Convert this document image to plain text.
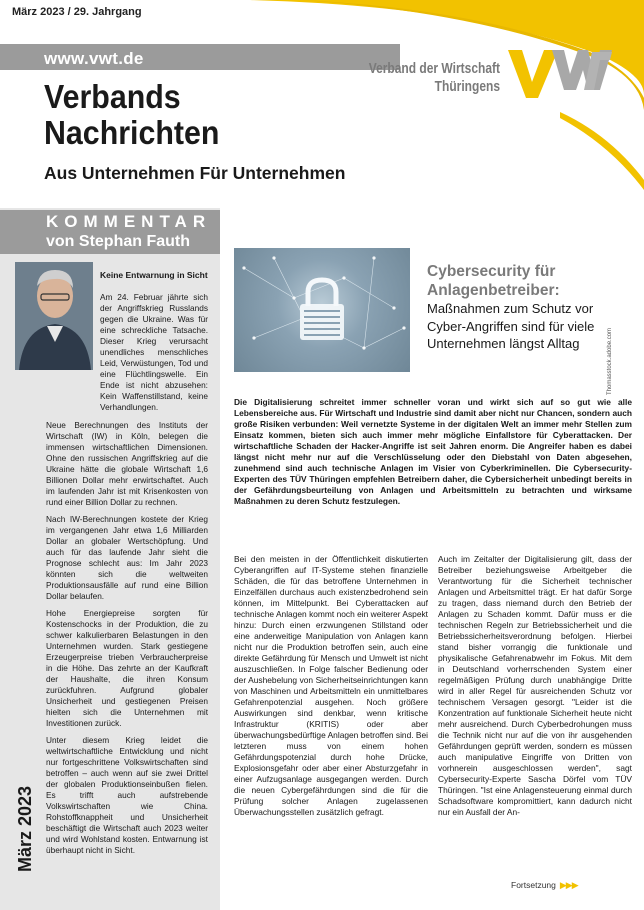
März 2023 / 29. Jahrgang
www.vwt.de
Verband der Wirtschaft
Thüringens
Verbands
Nachrichten
Aus Unternehmen Für Unternehmen
KOMMENTAR
von Stephan Fauth
Keine Entwarnung in Sicht

Am 24. Februar jährte sich der Angriffskrieg Russlands gegen die Ukraine. Was für eine schreckliche Tatsache. Dieser Krieg verursacht unendliches menschliches Leid, Verwüstungen, Tod und eine Flüchtlingswelle. Ein Ende ist nicht abzusehen: Kein Waffenstillstand, keine Verhandlungen.

Neue Berechnungen des Instituts der Wirtschaft (IW) in Köln, belegen die immensen wirtschaftlichen Dimensionen. Ohne den russischen Angriffskrieg auf die Ukraine hätte die globale Wirtschaft 1,6 Billionen Dollar mehr erwirtschaftet. Auch im laufenden Jahr ist mit Krisenkosten von rund einer Billion Dollar zu rechnen.

Nach IW-Berechnungen kostete der Krieg im vergangenen Jahr etwa 1,6 Milliarden Dollar an globaler Wertschöpfung. Und auch für das laufende Jahr sieht die Prognose schlecht aus: Im Jahr 2023 könnten sich die weltweiten Produktionsausfälle auf rund eine Billion Dollar belaufen.

Hohe Energiepreise sorgten für Kostenschocks in der Produktion, die zu schwer kalkulierbaren Belastungen in den Unternehmen wurden. Stark gestiegene Erzeugerpreise trieben Verbraucherpreise in die Höhe. Das zehrte an der Kaufkraft der Haushalte, die ihren Konsum zurückfuhren. Aufgrund globaler Unsicherheit und gestiegenen Preisen hielten sich die Unternehmen mit Investitionen zurück.

Unter diesem Krieg leidet die weltwirtschaftliche Entwicklung und nicht nur fortgeschrittene Volkswirtschaften sind betroffen – auch wenn auf sie zwei Drittel der globalen Produktionseinbußen fielen. Es trifft auch aufstrebende Volkswirtschaften wie China. Rohstoffknappheit und Unsicherheit beschäftigt die Wirtschaft auch 2023 weiter und wird Wohlstand kosten. Entwarnung ist überhaupt nicht in Sicht.

März 2023
Cybersecurity für Anlagenbetreiber:
Maßnahmen zum Schutz vor Cyber-Angriffen sind für viele Unternehmen längst Alltag	Thomasstock.adobe.com
Die Digitalisierung schreitet immer schneller voran und wirkt sich auf so gut wie alle Lebensbereiche aus. Für Wirtschaft und Industrie sind damit aber nicht nur Chancen, sondern auch große Risiken verbunden: Weil vernetzte Systeme in der digitalen Welt an immer mehr Stellen zum Einsatz kommen, bieten sich auch immer mehr mögliche Einfallstore für Cyberattacken. Der wirtschaftliche Schaden der Hacker-Angriffe ist seit Jahren enorm. Die Angreifer haben es dabei längst nicht mehr nur auf die Verschlüsselung oder den Diebstahl von Daten abgesehen, zunehmend sind auch technische Anlagen im Visier von Cyberkriminellen. Die Cybersecurity-Experten des TÜV Thüringen empfehlen Betreibern daher, die Cybersicherheit unbedingt bereits in der Gefährdungsbeurteilung von Anlagen und Arbeitsmitteln zu betrachten und wirksame Maßnahmen zu deren Schutz festzulegen.
Bei den meisten in der Öffentlichkeit diskutierten Cyberangriffen auf IT-Systeme stehen finanzielle Schäden, die für das betroffene Unternehmen in Einzelfällen durchaus auch existenzbedrohend sein können, im Mittelpunkt. Bei Cyberattacken auf technische Anlagen kommt noch ein weiterer Aspekt hinzu: Durch einen erzwungenen Stillstand oder eine anderweitige Manipulation von Anlagen kann nicht nur die Produktion betroffen sein, auch eine direkte Gefährdung für Mensch und Umwelt ist nicht auszuschließen. In Folge falscher Bedienung oder der Aushebelung von Sicherheitseinrichtungen kann von Maschinen und Arbeitsmitteln ein unmittelbares Gefahrenpotenzial ausgehen. Noch größere Auswirkungen sind denkbar, wenn kritische Infrastruktur (KRITIS) oder aber überwachungsbedürftige Anlagen betroffen sind. Bei letzteren muss von einem hohen Gefährdungspotenzial durch hohe Drücke, Explosionsgefahr oder aber einer Absturzgefahr in einer Aufzugsanlage ausgegangen werden. Durch die neuen Cybergefährdungen sind die für die Prüfung solcher Anlagen zugelassenen Überwachungsstellen zusätzlich gefragt.
Auch im Zeitalter der Digitalisierung gilt, dass der Betreiber beziehungsweise Arbeitgeber die Verantwortung für die Sicherheit technischer Anlagen und Arbeitsmittel trägt. Er hat dafür Sorge zu tragen, dass niemand durch den Betrieb der Anlagen zu Schaden kommt. Dafür muss er die technischen Regeln zur Betriebssicherheit und die Betriebssicherheitsverordnung befolgen. Hierbei stand bisher vorrangig die funktionale und physikalische Gefahrenabwehr im Fokus. Mit dem in Deutschland vorherrschenden System einer regelmäßigen Prüfung durch unabhängige Dritte wird in aller Regel für ausreichenden Schutz vor technischem Versagen gesorgt. "Leider ist die Konzentration auf funktionale Sicherheit heute nicht mehr ausreichend. Durch Cyberbedrohungen muss die Technik nicht nur auf die von ihr ausgehenden Gefährdungen geprüft werden, sondern es müssen auch manipulative Eingriffe von Dritten von vorhnerein ausgeschlossen werden", sagt Cybersecurity-Experte Sascha Dörfel vom TÜV Thüringen. "Ist eine Anlagensteuerung einmal durch Schadsoftware kompromittiert, kann dadurch nicht nur ein Ausfall der An-
Fortsetzung ▶▶▶
